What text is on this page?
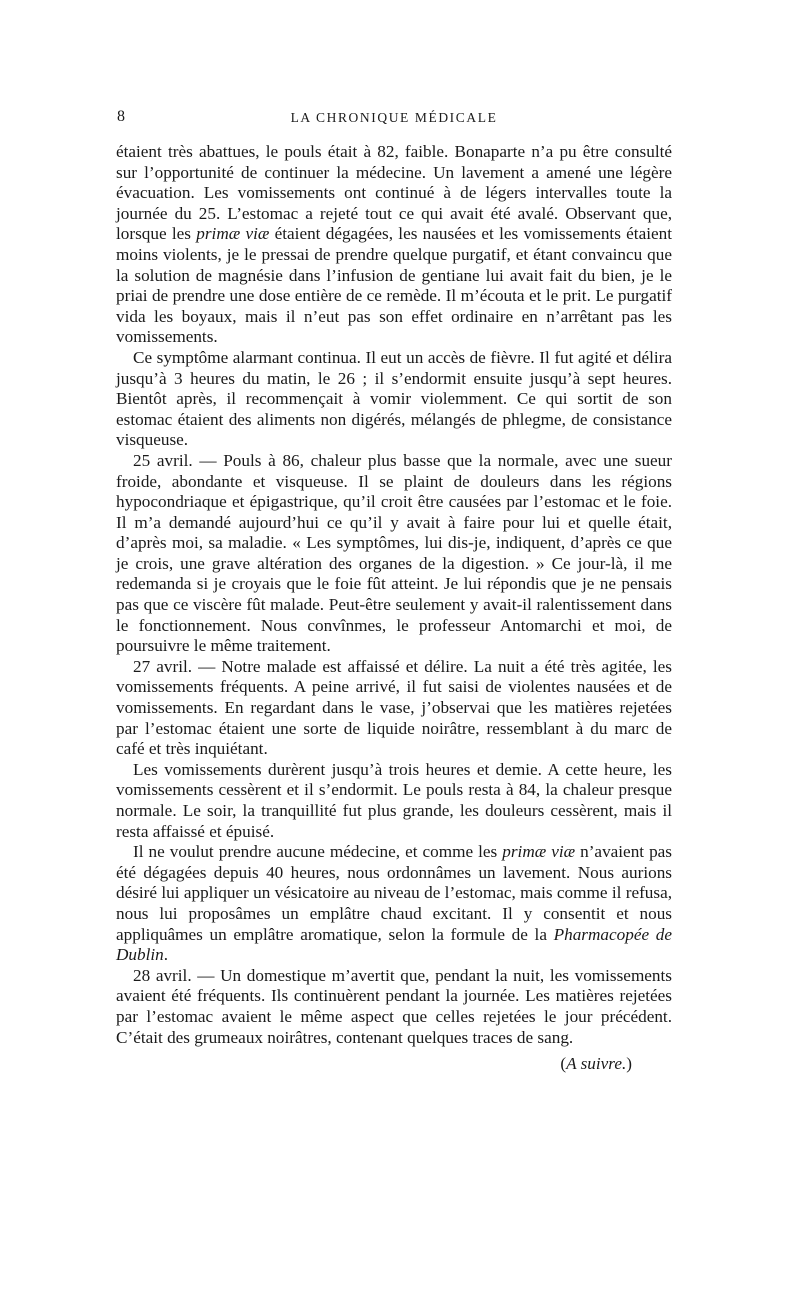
8	LA CHRONIQUE MÉDICALE

étaient très abattues, le pouls était à 82, faible. Bonaparte n’a pu être consulté sur l’opportunité de continuer la médecine. Un lavement a amené une légère évacuation. Les vomissements ont continué à de légers intervalles toute la journée du 25. L’estomac a rejeté tout ce qui avait été avalé. Observant que, lorsque les primæ viæ étaient dégagées, les nausées et les vomissements étaient moins violents, je le pressai de prendre quelque purgatif, et étant convaincu que la solution de magnésie dans l’infusion de gentiane lui avait fait du bien, je le priai de prendre une dose entière de ce remède. Il m’écouta et le prit. Le purgatif vida les boyaux, mais il n’eut pas son effet ordinaire en n’arrêtant pas les vomissements.

Ce symptôme alarmant continua. Il eut un accès de fièvre. Il fut agité et délira jusqu’à 3 heures du matin, le 26 ; il s’endormit ensuite jusqu’à sept heures. Bientôt après, il recommençait à vomir violemment. Ce qui sortit de son estomac étaient des aliments non digérés, mélangés de phlegme, de consistance visqueuse.

25 avril. — Pouls à 86, chaleur plus basse que la normale, avec une sueur froide, abondante et visqueuse. Il se plaint de douleurs dans les régions hypocondriaque et épigastrique, qu’il croit être causées par l’estomac et le foie. Il m’a demandé aujourd’hui ce qu’il y avait à faire pour lui et quelle était, d’après moi, sa maladie. « Les symptômes, lui dis-je, indiquent, d’après ce que je crois, une grave altération des organes de la digestion. » Ce jour-là, il me redemanda si je croyais que le foie fût atteint. Je lui répondis que je ne pensais pas que ce viscère fût malade. Peut-être seulement y avait-il ralentissement dans le fonctionnement. Nous convînmes, le professeur Antomarchi et moi, de poursuivre le même traitement.

27 avril. — Notre malade est affaissé et délire. La nuit a été très agitée, les vomissements fréquents. A peine arrivé, il fut saisi de violentes nausées et de vomissements. En regardant dans le vase, j’observai que les matières rejetées par l’estomac étaient une sorte de liquide noirâtre, ressemblant à du marc de café et très inquiétant.

Les vomissements durèrent jusqu’à trois heures et demie. A cette heure, les vomissements cessèrent et il s’endormit. Le pouls resta à 84, la chaleur presque normale. Le soir, la tranquillité fut plus grande, les douleurs cessèrent, mais il resta affaissé et épuisé.

Il ne voulut prendre aucune médecine, et comme les primæ viæ n’avaient pas été dégagées depuis 40 heures, nous ordonnâmes un lavement. Nous aurions désiré lui appliquer un vésicatoire au niveau de l’estomac, mais comme il refusa, nous lui proposâmes un emplâtre chaud excitant. Il y consentit et nous appliquâmes un emplâtre aromatique, selon la formule de la Pharmacopée de Dublin.

28 avril. — Un domestique m’avertit que, pendant la nuit, les vomissements avaient été fréquents. Ils continuèrent pendant la journée. Les matières rejetées par l’estomac avaient le même aspect que celles rejetées le jour précédent. C’était des grumeaux noirâtres, contenant quelques traces de sang.

(A suivre.)
